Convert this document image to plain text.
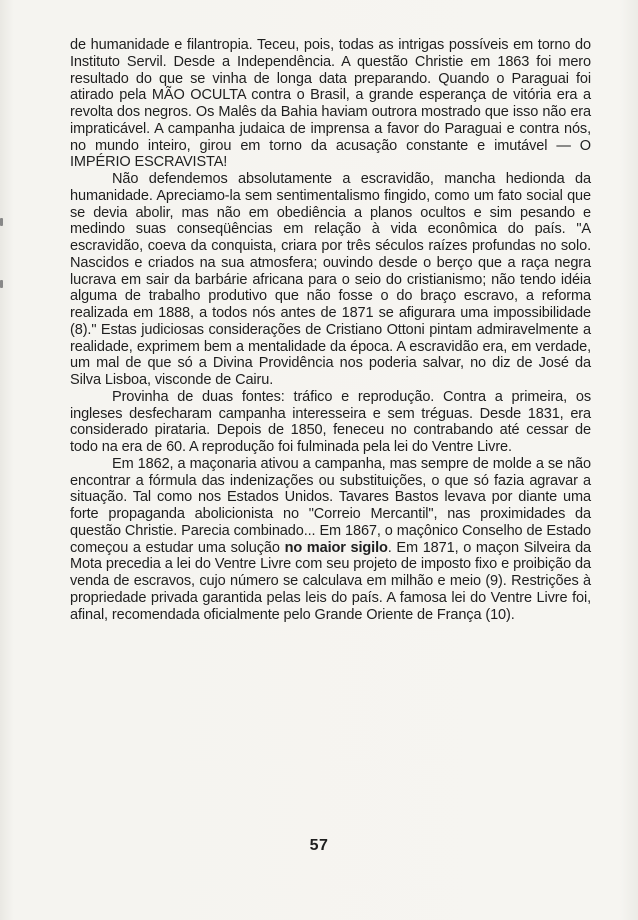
de humanidade e filantropia. Teceu, pois, todas as intrigas possíveis em torno do Instituto Servil. Desde a Independência. A questão Christie em 1863 foi mero resultado do que se vinha de longa data preparando. Quando o Paraguai foi atirado pela MÃO OCULTA contra o Brasil, a grande esperança de vitória era a revolta dos negros. Os Malês da Bahia haviam outrora mostrado que isso não era impraticável. A campanha judaica de imprensa a favor do Paraguai e contra nós, no mundo inteiro, girou em torno da acusação constante e imutável — O IMPÉRIO ESCRAVISTA!

Não defendemos absolutamente a escravidão, mancha hedionda da humanidade. Apreciamo-la sem sentimentalismo fingido, como um fato social que se devia abolir, mas não em obediência a planos ocultos e sim pesando e medindo suas conseqüências em relação à vida econômica do país. "A escravidão, coeva da conquista, criara por três séculos raízes profundas no solo. Nascidos e criados na sua atmosfera; ouvindo desde o berço que a raça negra lucrava em sair da barbárie africana para o seio do cristianismo; não tendo idéia alguma de trabalho produtivo que não fosse o do braço escravo, a reforma realizada em 1888, a todos nós antes de 1871 se afigurara uma impossibilidade (8)." Estas judiciosas considerações de Cristiano Ottoni pintam admiravelmente a realidade, exprimem bem a mentalidade da época. A escravidão era, em verdade, um mal de que só a Divina Providência nos poderia salvar, no diz de José da Silva Lisboa, visconde de Cairu.

Provinha de duas fontes: tráfico e reprodução. Contra a primeira, os ingleses desfecharam campanha interesseira e sem tréguas. Desde 1831, era considerado pirataria. Depois de 1850, feneceu no contrabando até cessar de todo na era de 60. A reprodução foi fulminada pela lei do Ventre Livre.

Em 1862, a maçonaria ativou a campanha, mas sempre de molde a se não encontrar a fórmula das indenizações ou substituições, o que só fazia agravar a situação. Tal como nos Estados Unidos. Tavares Bastos levava por diante uma forte propaganda abolicionista no "Correio Mercantil", nas proximidades da questão Christie. Parecia combinado... Em 1867, o maçônico Conselho de Estado começou a estudar uma solução no maior sigilo. Em 1871, o maçon Silveira da Mota precedia a lei do Ventre Livre com seu projeto de imposto fixo e proibição da venda de escravos, cujo número se calculava em milhão e meio (9). Restrições à propriedade privada garantida pelas leis do país. A famosa lei do Ventre Livre foi, afinal, recomendada oficialmente pelo Grande Oriente de França (10).

57
